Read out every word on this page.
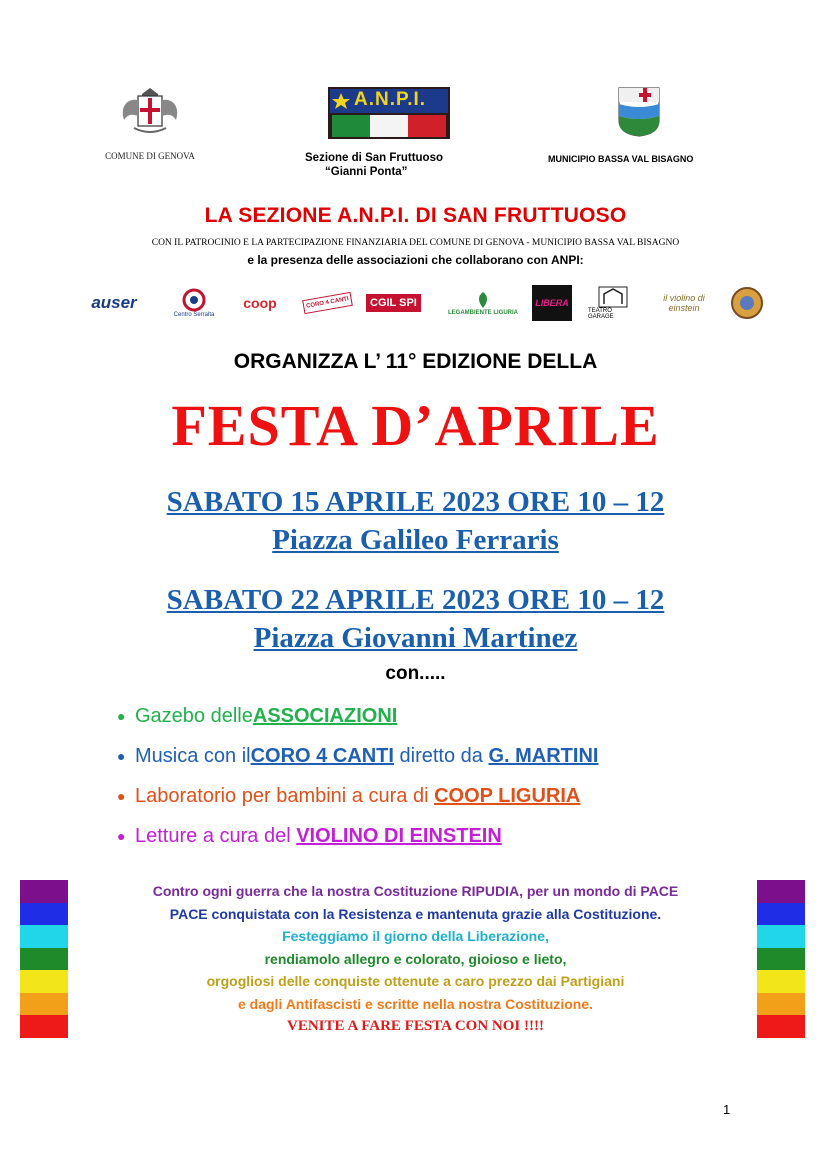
COMUNE DI GENOVA
A.N.P.I.
Sezione di San Fruttuoso
“Gianni Ponta”
MUNICIPIO BASSA VAL BISAGNO
LA SEZIONE A.N.P.I. DI SAN FRUTTUOSO
CON IL PATROCINIO E LA PARTECIPAZIONE FINANZIARIA DEL COMUNE DI GENOVA - MUNICIPIO BASSA VAL BISAGNO
e la presenza delle associazioni che collaborano con ANPI:
auser
Centro Serralta
coop	CORO 4 CANTI	CGIL SPI
LEGAMBIENTE LIGURIA
LIBERA
TEATRO GARAGE
il violino di einstein
ORGANIZZA L’ 11° EDIZIONE DELLA
FESTA D’APRILE
SABATO 15 APRILE 2023 ORE 10 – 12
Piazza Galileo Ferraris
SABATO 22 APRILE 2023 ORE 10 – 12
Piazza Giovanni Martinez
con.....
● Gazebo delle ASSOCIAZIONI
● Musica con il CORO 4 CANTI diretto da G. MARTINI
● Laboratorio per bambini a cura di COOP LIGURIA
● Letture a cura del VIOLINO DI EINSTEIN
Contro ogni guerra che la nostra Costituzione RIPUDIA, per un mondo di PACE
PACE conquistata con la Resistenza e mantenuta grazie alla Costituzione.
Festeggiamo il giorno della Liberazione,
rendiamolo allegro e colorato, gioioso e lieto,
orgogliosi delle conquiste ottenute a caro prezzo dai Partigiani
e dagli Antifascisti e scritte nella nostra Costituzione.
VENITE A FARE FESTA CON NOI !!!!
1
